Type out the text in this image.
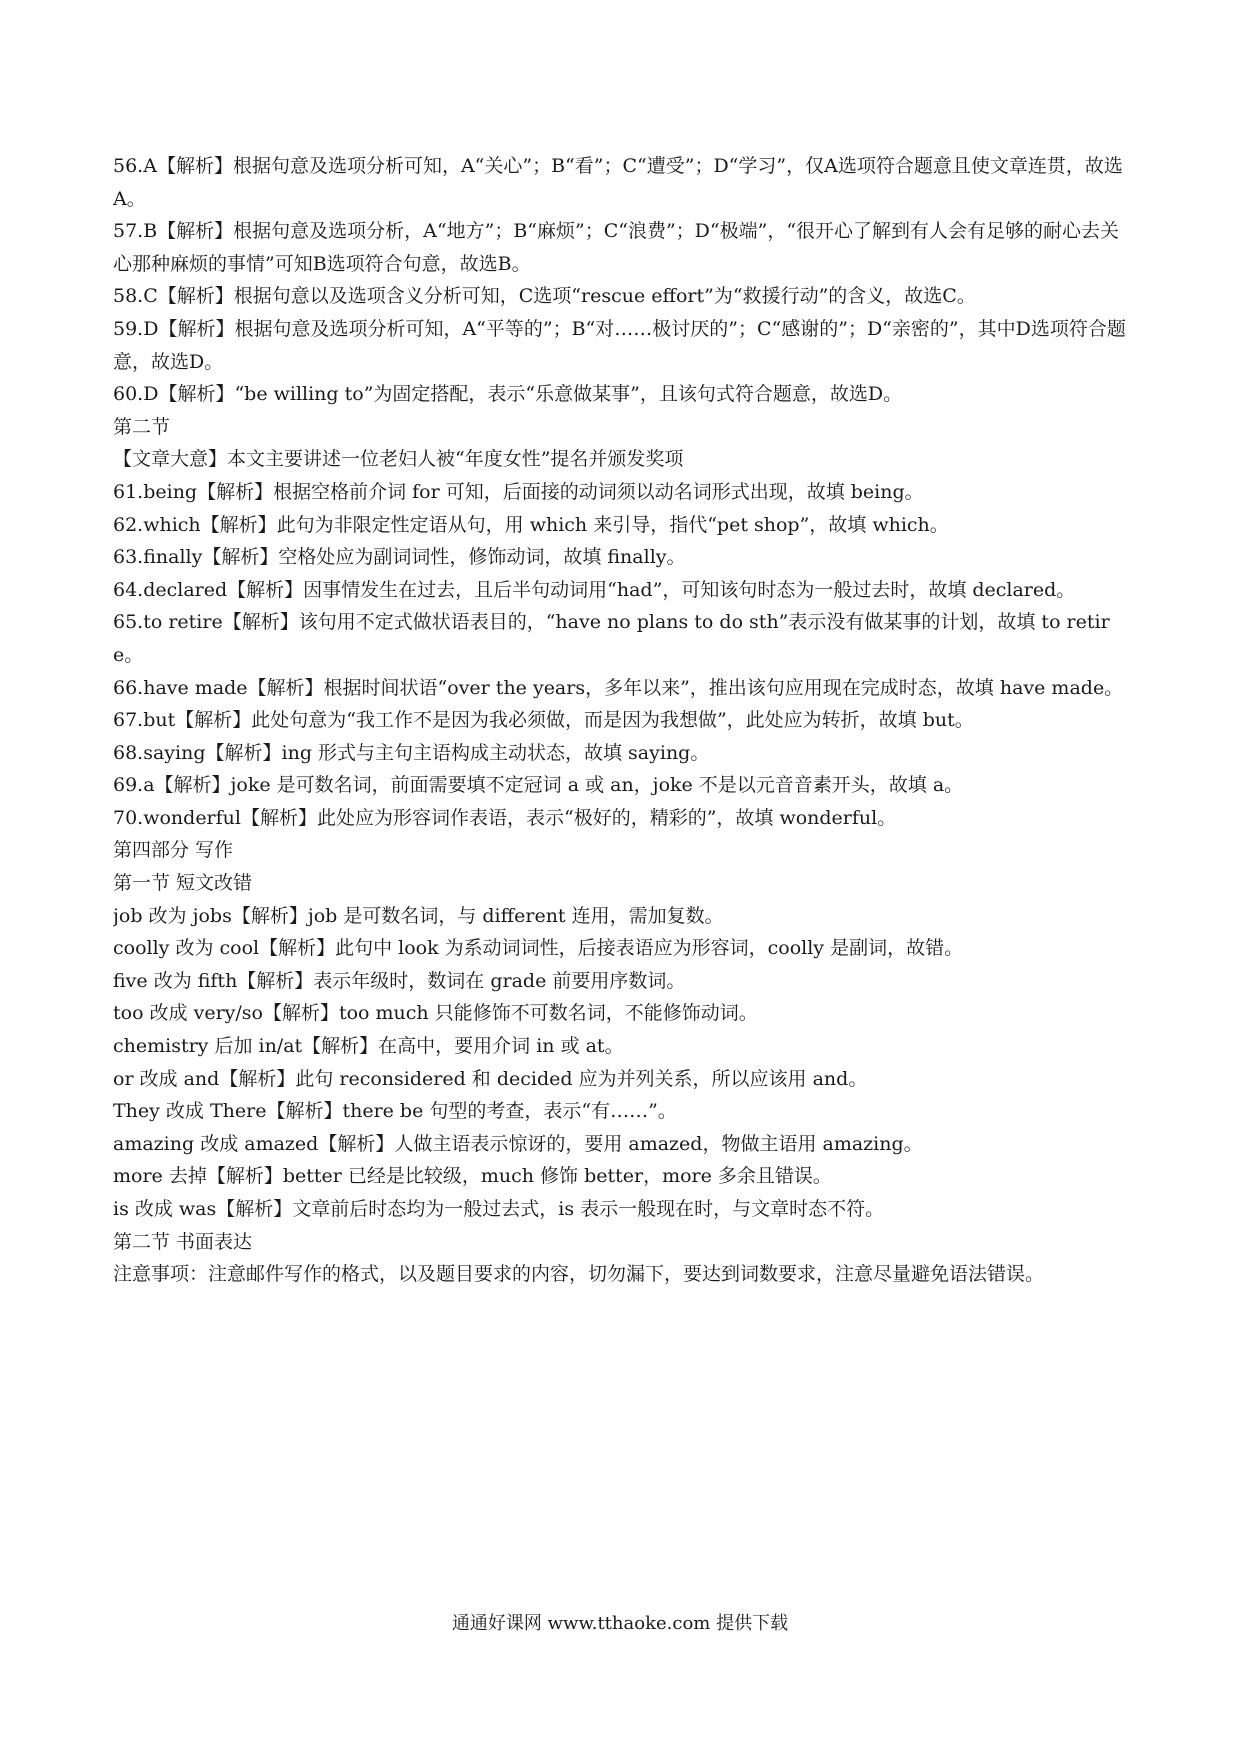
56.A【解析】根据句意及选项分析可知，A“关心”；B“看”；C“遭受”；D“学习”，仅A选项符合题意且使文章连贯，故选A。
57.B【解析】根据句意及选项分析，A“地方”；B“麻烦”；C“浪费”；D“极端”，“很开心了解到有人会有足够的耐心去关心那种麻烦的事情”可知B选项符合句意，故选B。
58.C【解析】根据句意以及选项含义分析可知，C选项“rescue effort”为“救援行动”的含义，故选C。
59.D【解析】根据句意及选项分析可知，A“平等的”；B“对……极讨厌的”；C“感谢的”；D“亲密的”，其中D选项符合题意，故选D。
60.D【解析】“be willing to”为固定搭配，表示“乐意做某事”，且该句式符合题意，故选D。
第二节
【文章大意】本文主要讲述一位老妇人被“年度女性”提名并颁发奖项
61.being【解析】根据空格前介词 for 可知，后面接的动词须以动名词形式出现，故填 being。
62.which【解析】此句为非限定性定语从句，用 which 来引导，指代“pet shop”，故填 which。
63.finally【解析】空格处应为副词词性，修饰动词，故填 finally。
64.declared【解析】因事情发生在过去，且后半句动词用“had”，可知该句时态为一般过去时，故填 declared。
65.to retire【解析】该句用不定式做状语表目的，“have no plans to do sth”表示没有做某事的计划，故填 to retire。
66.have made【解析】根据时间状语“over the years，多年以来”，推出该句应用现在完成时态，故填 have made。
67.but【解析】此处句意为“我工作不是因为我必须做，而是因为我想做”，此处应为转折，故填 but。
68.saying【解析】ing 形式与主句主语构成主动状态，故填 saying。
69.a【解析】joke 是可数名词，前面需要填不定冠词 a 或 an，joke 不是以元音音素开头，故填 a。
70.wonderful【解析】此处应为形容词作表语，表示“极好的，精彩的”，故填 wonderful。
第四部分 写作
第一节 短文改错
job 改为 jobs【解析】job 是可数名词，与 different 连用，需加复数。
coolly 改为 cool【解析】此句中 look 为系动词词性，后接表语应为形容词，coolly 是副词，故错。
five 改为 fifth【解析】表示年级时，数词在 grade 前要用序数词。
too 改成 very/so【解析】too much 只能修饰不可数名词，不能修饰动词。
chemistry 后加 in/at【解析】在高中，要用介词 in 或 at。
or 改成 and【解析】此句 reconsidered 和 decided 应为并列关系，所以应该用 and。
They 改成 There【解析】there be 句型的考查，表示“有……”。
amazing 改成 amazed【解析】人做主语表示惊讶的，要用 amazed，物做主语用 amazing。
more 去掉【解析】better 已经是比较级，much 修饰 better，more 多余且错误。
is 改成 was【解析】文章前后时态均为一般过去式，is 表示一般现在时，与文章时态不符。
第二节 书面表达
注意事项：注意邮件写作的格式，以及题目要求的内容，切勿漏下，要达到词数要求，注意尽量避免语法错误。
通通好课网 www.tthaoke.com 提供下载
